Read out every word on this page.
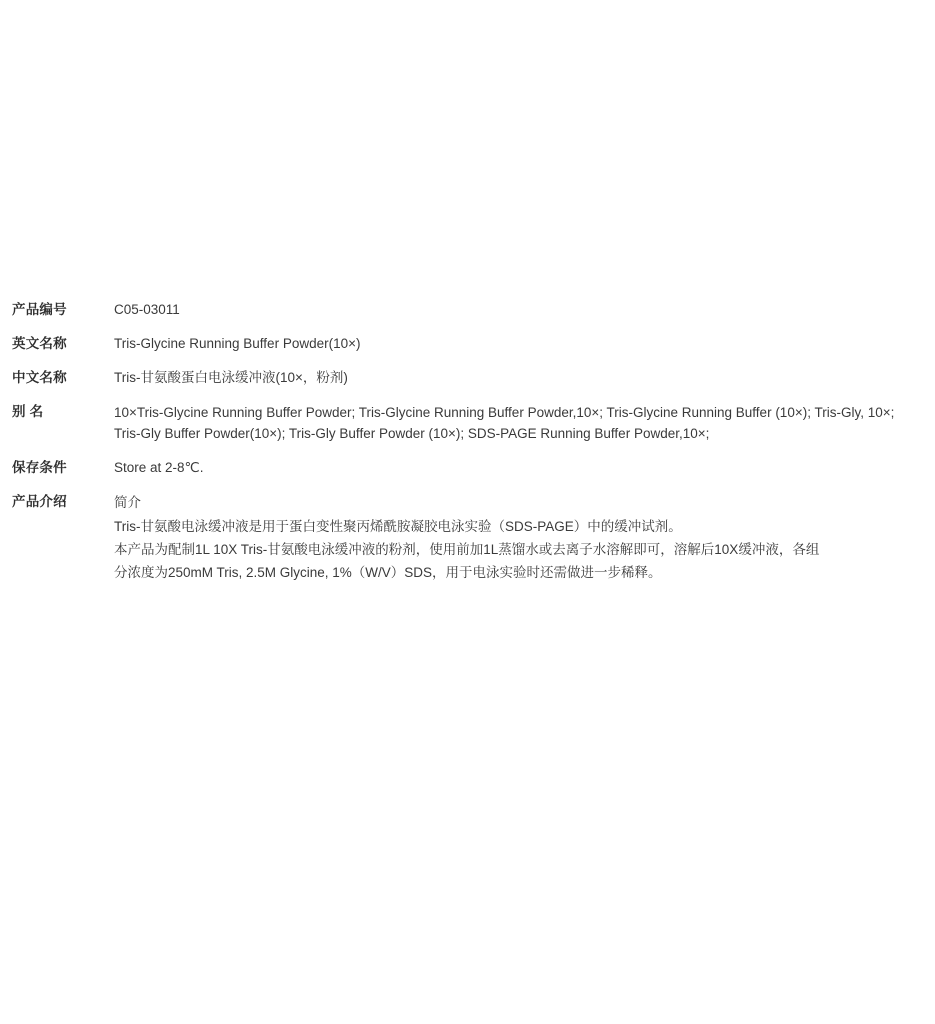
产品编号	C05-03011
英文名称	Tris-Glycine Running Buffer Powder(10×)
中文名称	Tris-甘氨酸蛋白电泳缓冲液(10×，粉剂)
别 名	10×Tris-Glycine Running Buffer Powder; Tris-Glycine Running Buffer Powder,10×; Tris-Glycine Running Buffer (10×); Tris-Gly, 10×; Tris-Gly Buffer Powder(10×); Tris-Gly Buffer Powder (10×); SDS-PAGE Running Buffer Powder,10×;
保存条件	Store at 2-8℃.
产品介绍	简介
Tris-甘氨酸电泳缓冲液是用于蛋白变性聚丙烯酰胺凝胶电泳实验（SDS-PAGE）中的缓冲试剂。
本产品为配制1L 10X Tris-甘氨酸电泳缓冲液的粉剂，使用前加1L蒸馏水或去离子水溶解即可，溶解后10X缓冲液，各组
分浓度为250mM Tris, 2.5M Glycine, 1%（W/V）SDS，用于电泳实验时还需做进一步稀释。
